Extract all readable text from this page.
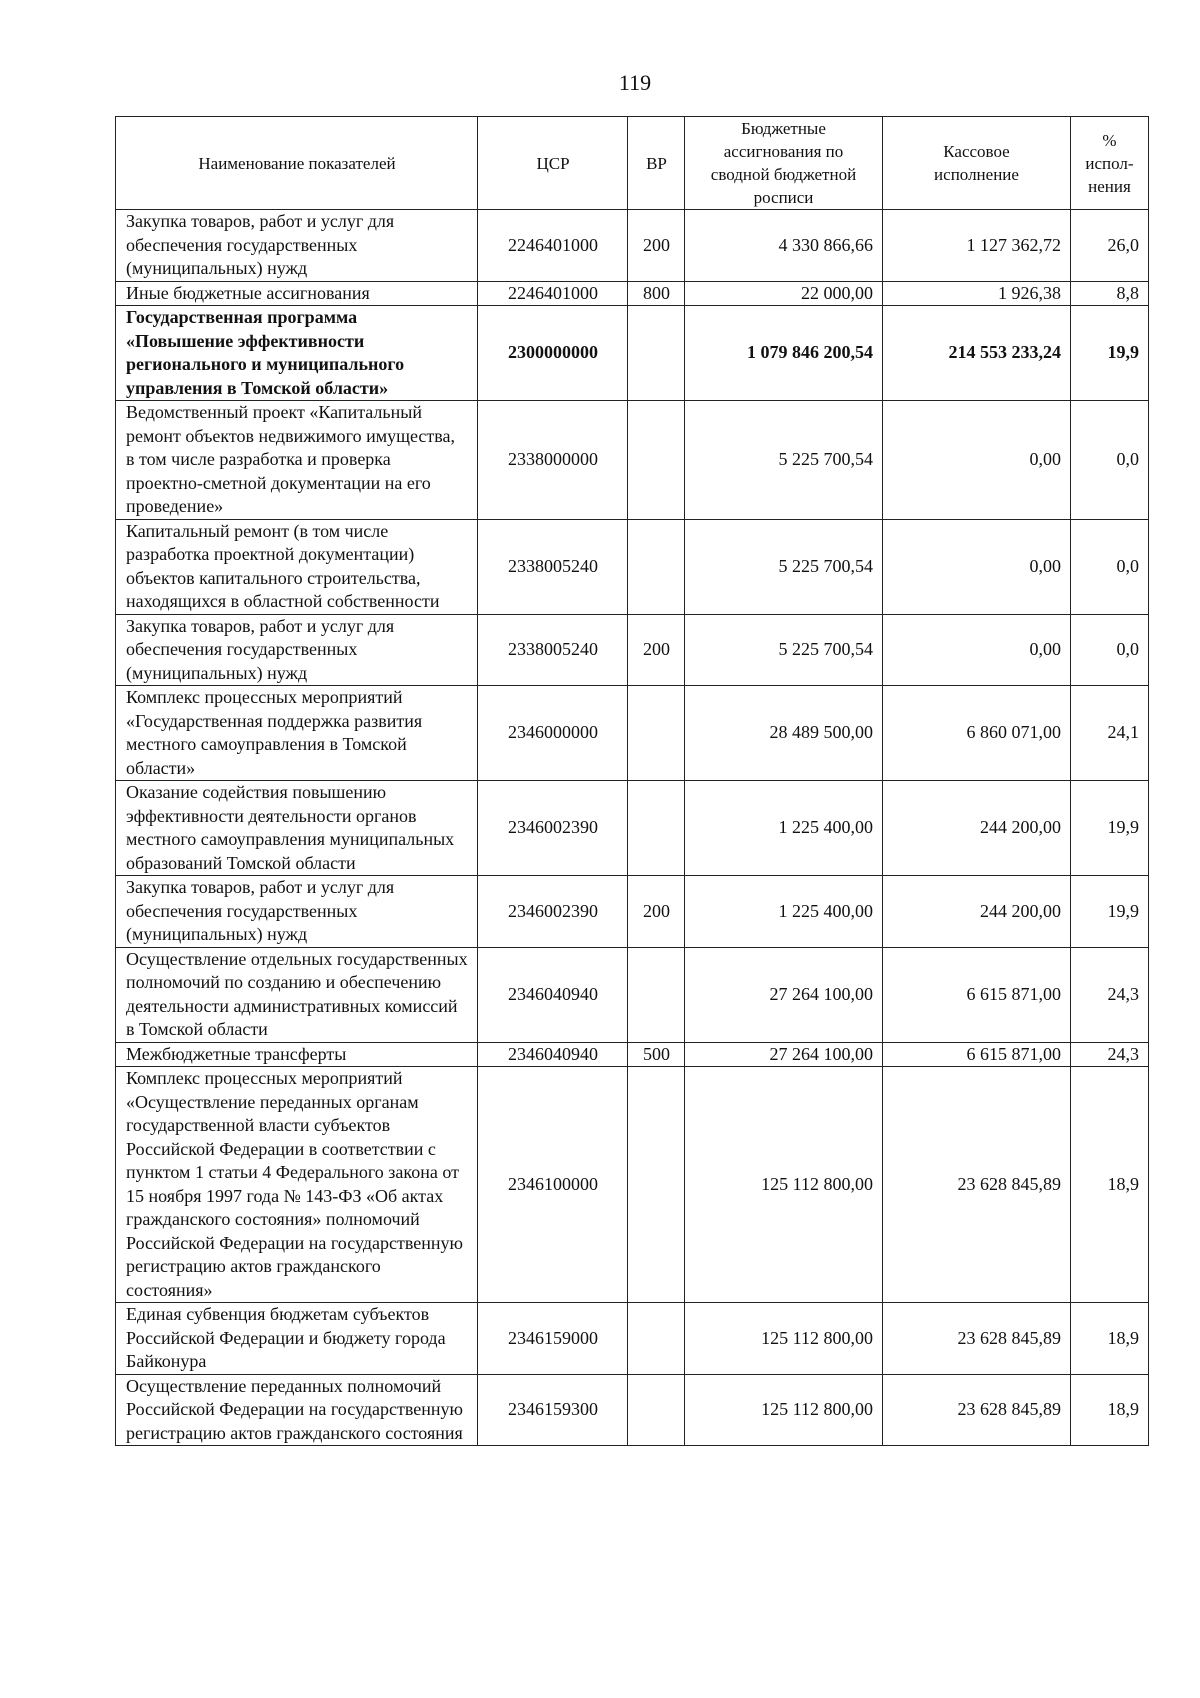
119
Наименование показателей	ЦСР	ВР	Бюджетные ассигнования по сводной бюджетной росписи	Кассовое исполнение	% испол-нения
Закупка товаров, работ и услуг для обеспечения государственных (муниципальных) нужд	2246401000	200	4 330 866,66	1 127 362,72	26,0
Иные бюджетные ассигнования	2246401000	800	22 000,00	1 926,38	8,8
Государственная программа «Повышение эффективности регионального и муниципального управления в Томской области»	2300000000		1 079 846 200,54	214 553 233,24	19,9
Ведомственный проект «Капитальный ремонт объектов недвижимого имущества, в том числе разработка и проверка проектно-сметной документации на его проведение»	2338000000		5 225 700,54	0,00	0,0
Капитальный ремонт (в том числе разработка проектной документации) объектов капитального строительства, находящихся в областной собственности	2338005240		5 225 700,54	0,00	0,0
Закупка товаров, работ и услуг для обеспечения государственных (муниципальных) нужд	2338005240	200	5 225 700,54	0,00	0,0
Комплекс процессных мероприятий «Государственная поддержка развития местного самоуправления в Томской области»	2346000000		28 489 500,00	6 860 071,00	24,1
Оказание содействия повышению эффективности деятельности органов местного самоуправления муниципальных образований Томской области	2346002390		1 225 400,00	244 200,00	19,9
Закупка товаров, работ и услуг для обеспечения государственных (муниципальных) нужд	2346002390	200	1 225 400,00	244 200,00	19,9
Осуществление отдельных государственных полномочий по созданию и обеспечению деятельности административных комиссий в Томской области	2346040940		27 264 100,00	6 615 871,00	24,3
Межбюджетные трансферты	2346040940	500	27 264 100,00	6 615 871,00	24,3
Комплекс процессных мероприятий «Осуществление переданных органам государственной власти субъектов Российской Федерации в соответствии с пунктом 1 статьи 4 Федерального закона от 15 ноября 1997 года № 143-ФЗ «Об актах гражданского состояния» полномочий Российской Федерации на государственную регистрацию актов гражданского состояния»	2346100000		125 112 800,00	23 628 845,89	18,9
Единая субвенция бюджетам субъектов Российской Федерации и бюджету города Байконура	2346159000		125 112 800,00	23 628 845,89	18,9
Осуществление переданных полномочий Российской Федерации на государственную регистрацию актов гражданского состояния	2346159300		125 112 800,00	23 628 845,89	18,9
